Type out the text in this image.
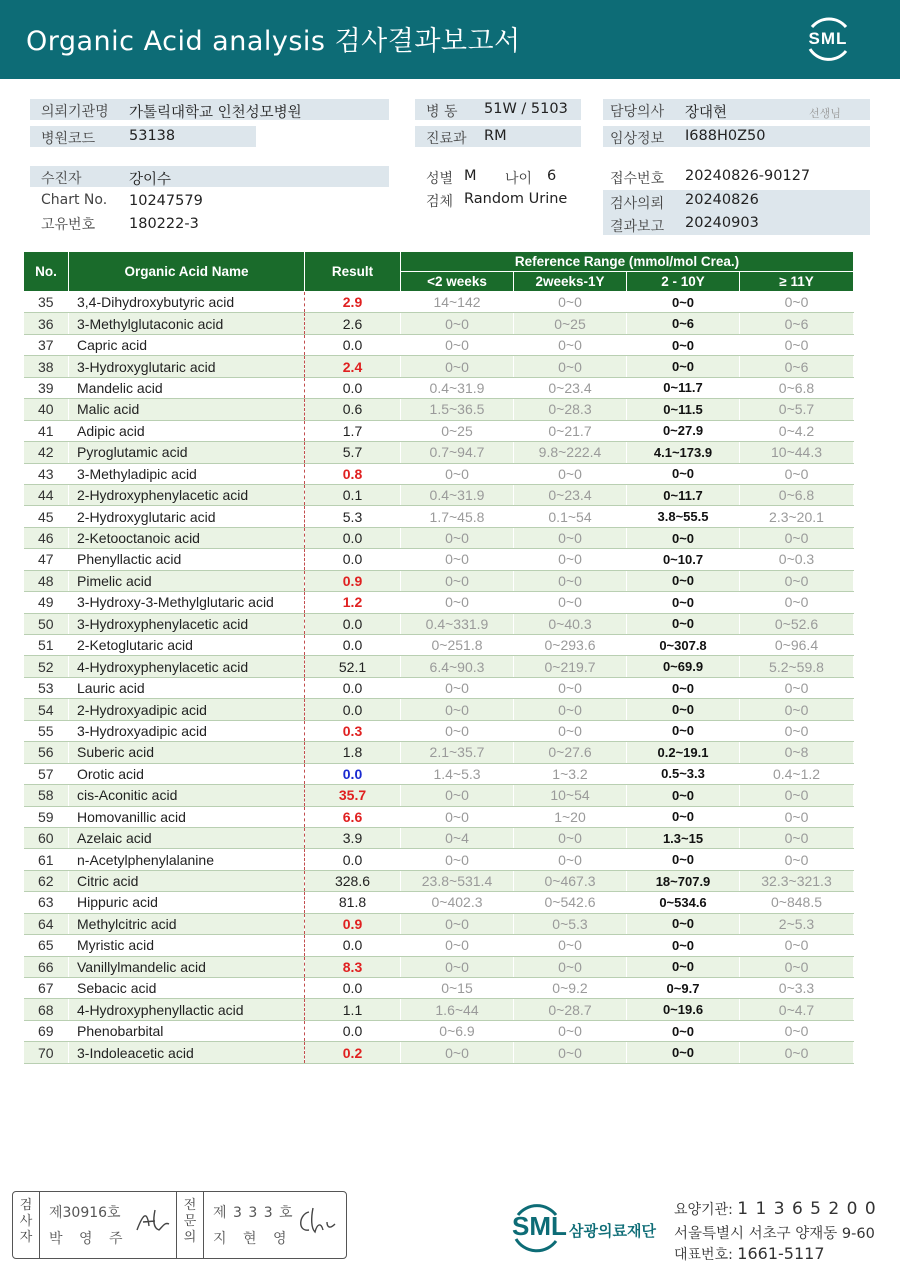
Organic Acid analysis 검사결과보고서	SML
의뢰기관명 가톨릭대학교 인천성모병원
병원코드 53138
병 동 51W / 5103
진료과 RM
담당의사 장대현	선생님
임상정보 I688H0Z50
수진자	강이수
Chart No. 10247579
고유번호 180222-3
성별 M 나이 6
검체 Random Urine
접수번호 20240826-90127
검사의뢰 20240826
결과보고 20240903
No.	Organic Acid Name	Result	Reference Range (mmol/mol Crea.)			
			<2 weeks	2weeks-1Y	2 - 10Y	≥ 11Y
35	3,4-Dihydroxybutyric acid	2.9	14~142	0~0	0~0	0~0
36	3-Methylglutaconic acid	2.6	0~0	0~25	0~6	0~6
37	Capric acid	0.0	0~0	0~0	0~0	0~0
38	3-Hydroxyglutaric acid	2.4	0~0	0~0	0~0	0~6
39	Mandelic acid	0.0	0.4~31.9	0~23.4	0~11.7	0~6.8
40	Malic acid	0.6	1.5~36.5	0~28.3	0~11.5	0~5.7
41	Adipic acid	1.7	0~25	0~21.7	0~27.9	0~4.2
42	Pyroglutamic acid	5.7	0.7~94.7	9.8~222.4	4.1~173.9	10~44.3
43	3-Methyladipic acid	0.8	0~0	0~0	0~0	0~0
44	2-Hydroxyphenylacetic acid	0.1	0.4~31.9	0~23.4	0~11.7	0~6.8
45	2-Hydroxyglutaric acid	5.3	1.7~45.8	0.1~54	3.8~55.5	2.3~20.1
46	2-Ketooctanoic acid	0.0	0~0	0~0	0~0	0~0
47	Phenyllactic acid	0.0	0~0	0~0	0~10.7	0~0.3
48	Pimelic acid	0.9	0~0	0~0	0~0	0~0
49	3-Hydroxy-3-Methylglutaric acid	1.2	0~0	0~0	0~0	0~0
50	3-Hydroxyphenylacetic acid	0.0	0.4~331.9	0~40.3	0~0	0~52.6
51	2-Ketoglutaric acid	0.0	0~251.8	0~293.6	0~307.8	0~96.4
52	4-Hydroxyphenylacetic acid	52.1	6.4~90.3	0~219.7	0~69.9	5.2~59.8
53	Lauric acid	0.0	0~0	0~0	0~0	0~0
54	2-Hydroxyadipic acid	0.0	0~0	0~0	0~0	0~0
55	3-Hydroxyadipic acid	0.3	0~0	0~0	0~0	0~0
56	Suberic acid	1.8	2.1~35.7	0~27.6	0.2~19.1	0~8
57	Orotic acid	0.0	1.4~5.3	1~3.2	0.5~3.3	0.4~1.2
58	cis-Aconitic acid	35.7	0~0	10~54	0~0	0~0
59	Homovanillic acid	6.6	0~0	1~20	0~0	0~0
60	Azelaic acid	3.9	0~4	0~0	1.3~15	0~0
61	n-Acetylphenylalanine	0.0	0~0	0~0	0~0	0~0
62	Citric acid	328.6	23.8~531.4	0~467.3	18~707.9	32.3~321.3
63	Hippuric acid	81.8	0~402.3	0~542.6	0~534.6	0~848.5
64	Methylcitric acid	0.9	0~0	0~5.3	0~0	2~5.3
65	Myristic acid	0.0	0~0	0~0	0~0	0~0
66	Vanillylmandelic acid	8.3	0~0	0~0	0~0	0~0
67	Sebacic acid	0.0	0~15	0~9.2	0~9.7	0~3.3
68	4-Hydroxyphenyllactic acid	1.1	1.6~44	0~28.7	0~19.6	0~4.7
69	Phenobarbital	0.0	0~6.9	0~0	0~0	0~0
70	3-Indoleacetic acid	0.2	0~0	0~0	0~0	0~0
검
사
자
제30916호
박 영 주
전
문
의
제 3 3 3 호
지 현 영	SML 삼광의료재단
요양기관: 1 1 3 6 5 2 0 0
서울특별시 서초구 양재동 9-60
대표번호: 1661-5117
